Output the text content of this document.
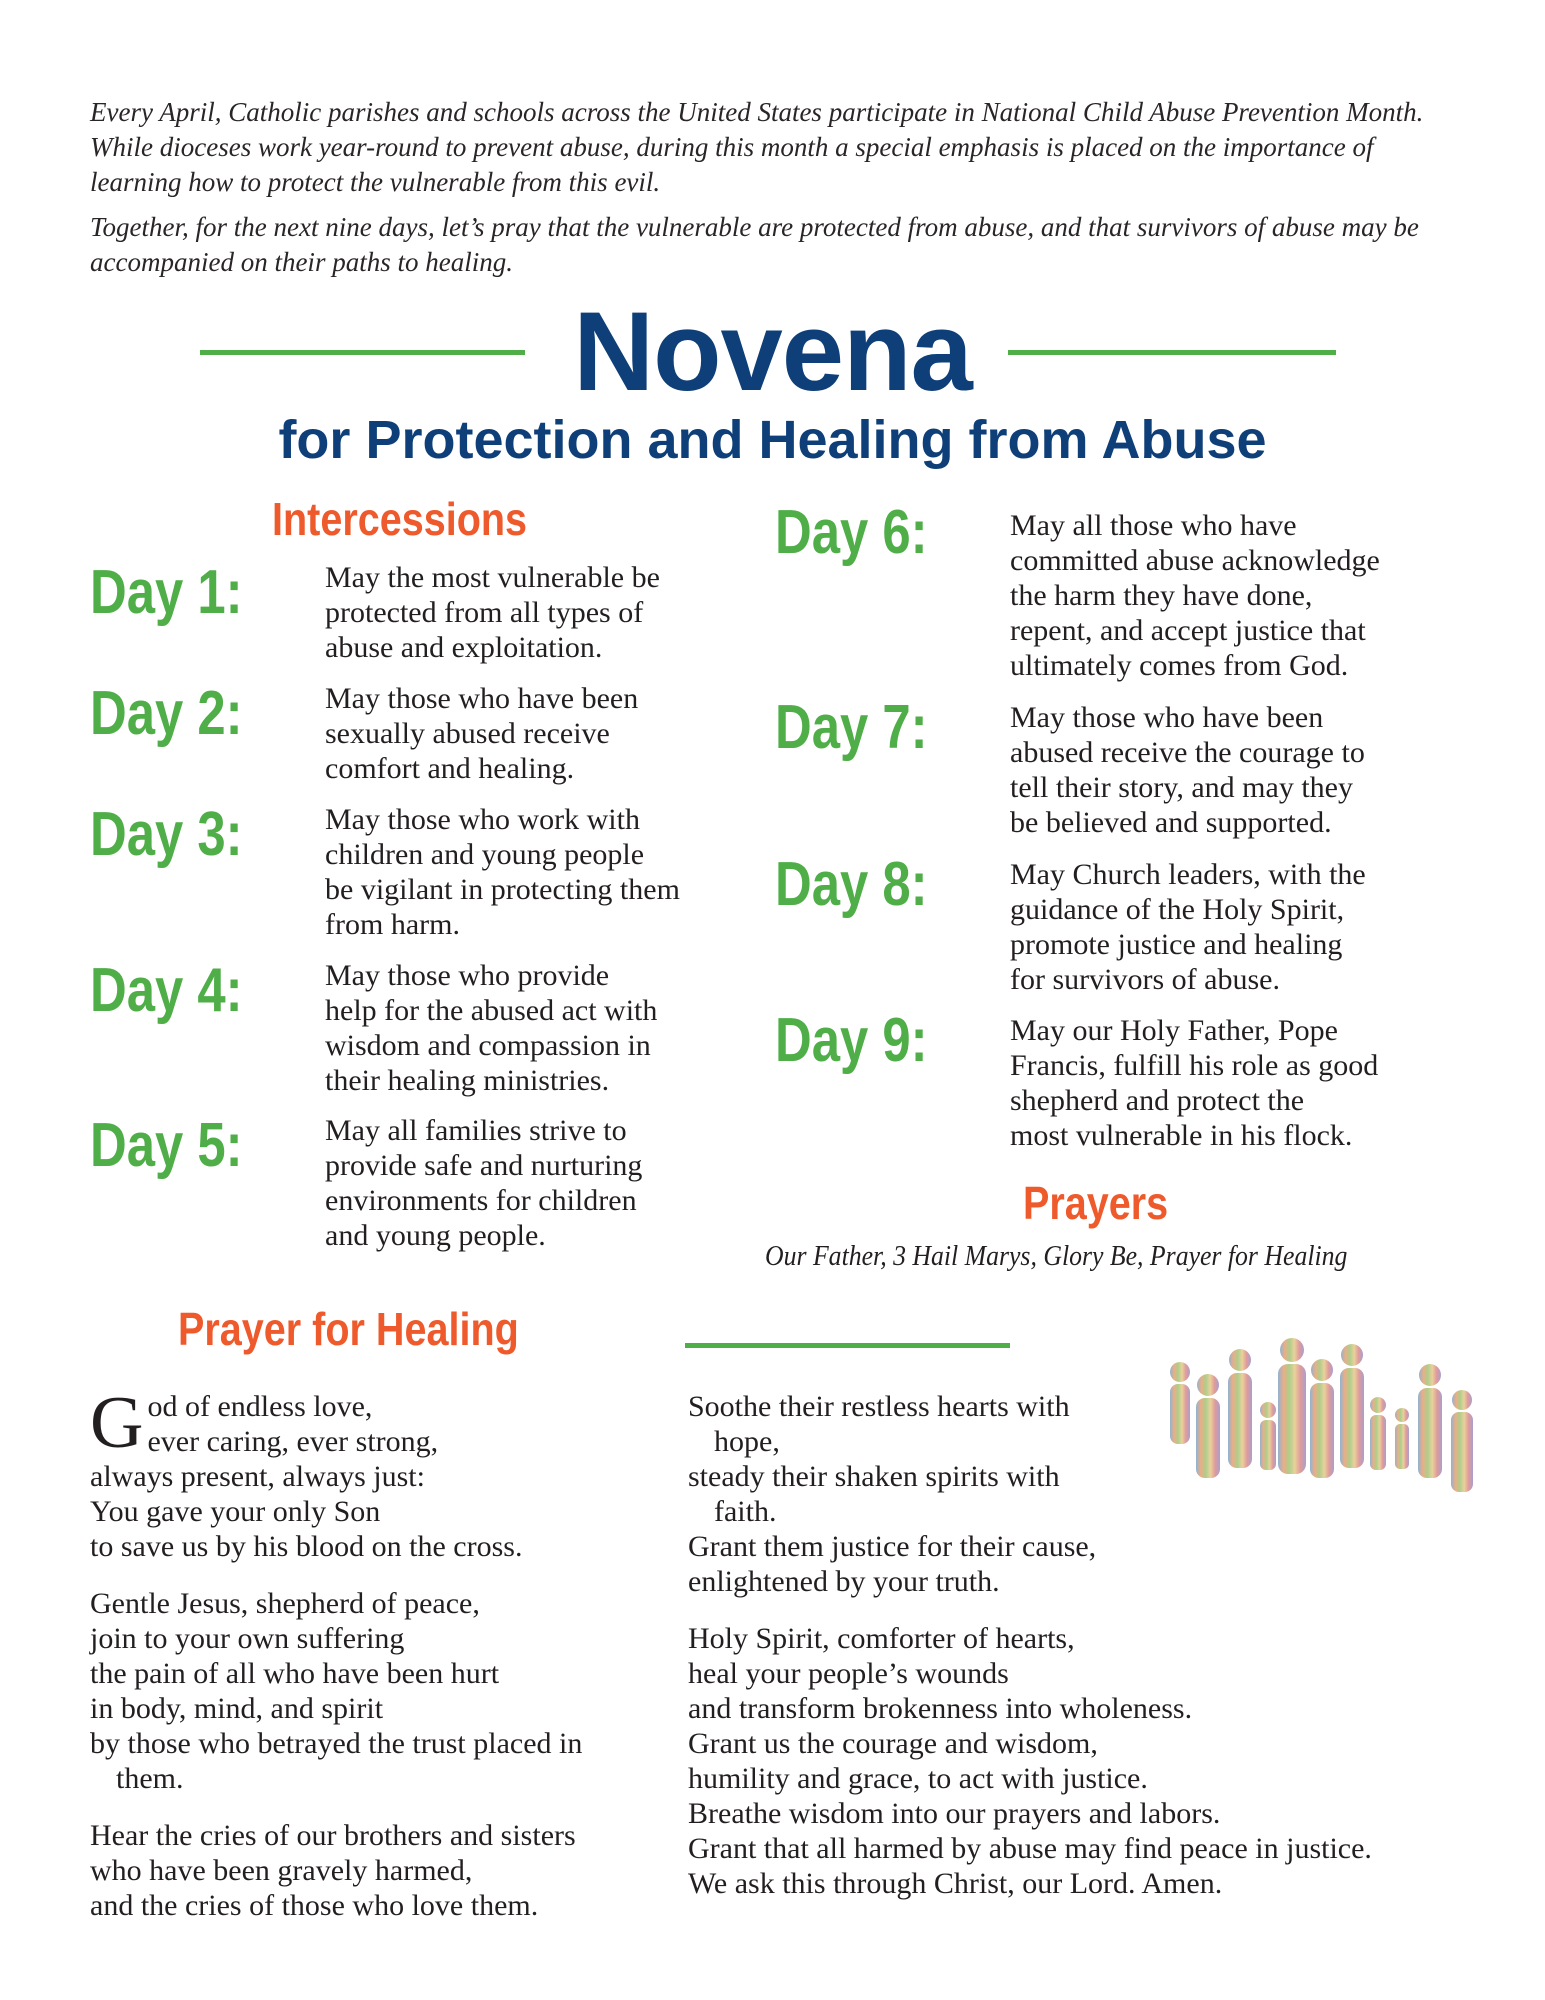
Every April, Catholic parishes and schools across the United States participate in National Child Abuse Prevention Month. While dioceses work year-round to prevent abuse, during this month a special emphasis is placed on the importance of learning how to protect the vulnerable from this evil.

Together, for the next nine days, let’s pray that the vulnerable are protected from abuse, and that survivors of abuse may be accompanied on their paths to healing.

Novena
for Protection and Healing from Abuse
Intercessions
Day 1:	May the most vulnerable be

protected from all types of

abuse and exploitation.

Day 2:	May those who have been

sexually abused receive

comfort and healing.

Day 3:	May those who work with

children and young people

be vigilant in protecting them

from harm.

Day 4:	May those who provide

help for the abused act with

wisdom and compassion in

their healing ministries.

Day 5:	May all families strive to

provide safe and nurturing

environments for children

and young people.

Day 6:	May all those who have

committed abuse acknowledge

the harm they have done,

repent, and accept justice that

ultimately comes from God.

Day 7:	May those who have been

abused receive the courage to

tell their story, and may they

be believed and supported.

Day 8:	May Church leaders, with the

guidance of the Holy Spirit,

promote justice and healing

for survivors of abuse.

Day 9:	May our Holy Father, Pope

Francis, fulfill his role as good

shepherd and protect the

most vulnerable in his flock.

Prayers
Our Father, 3 Hail Marys, Glory Be, Prayer for Healing
Prayer for Healing
G od of endless love,

ever caring, ever strong,

always present, always just:

You gave your only Son

to save us by his blood on the cross.

Gentle Jesus, shepherd of peace,

join to your own suffering

the pain of all who have been hurt

in body, mind, and spirit

by those who betrayed the trust placed in

them.

Hear the cries of our brothers and sisters

who have been gravely harmed,

and the cries of those who love them.

Soothe their restless hearts with

hope,

steady their shaken spirits with

faith.

Grant them justice for their cause,

enlightened by your truth.

Holy Spirit, comforter of hearts,

heal your people’s wounds

and transform brokenness into wholeness.

Grant us the courage and wisdom,

humility and grace, to act with justice.

Breathe wisdom into our prayers and labors.

Grant that all harmed by abuse may find peace in justice.

We ask this through Christ, our Lord. Amen.
